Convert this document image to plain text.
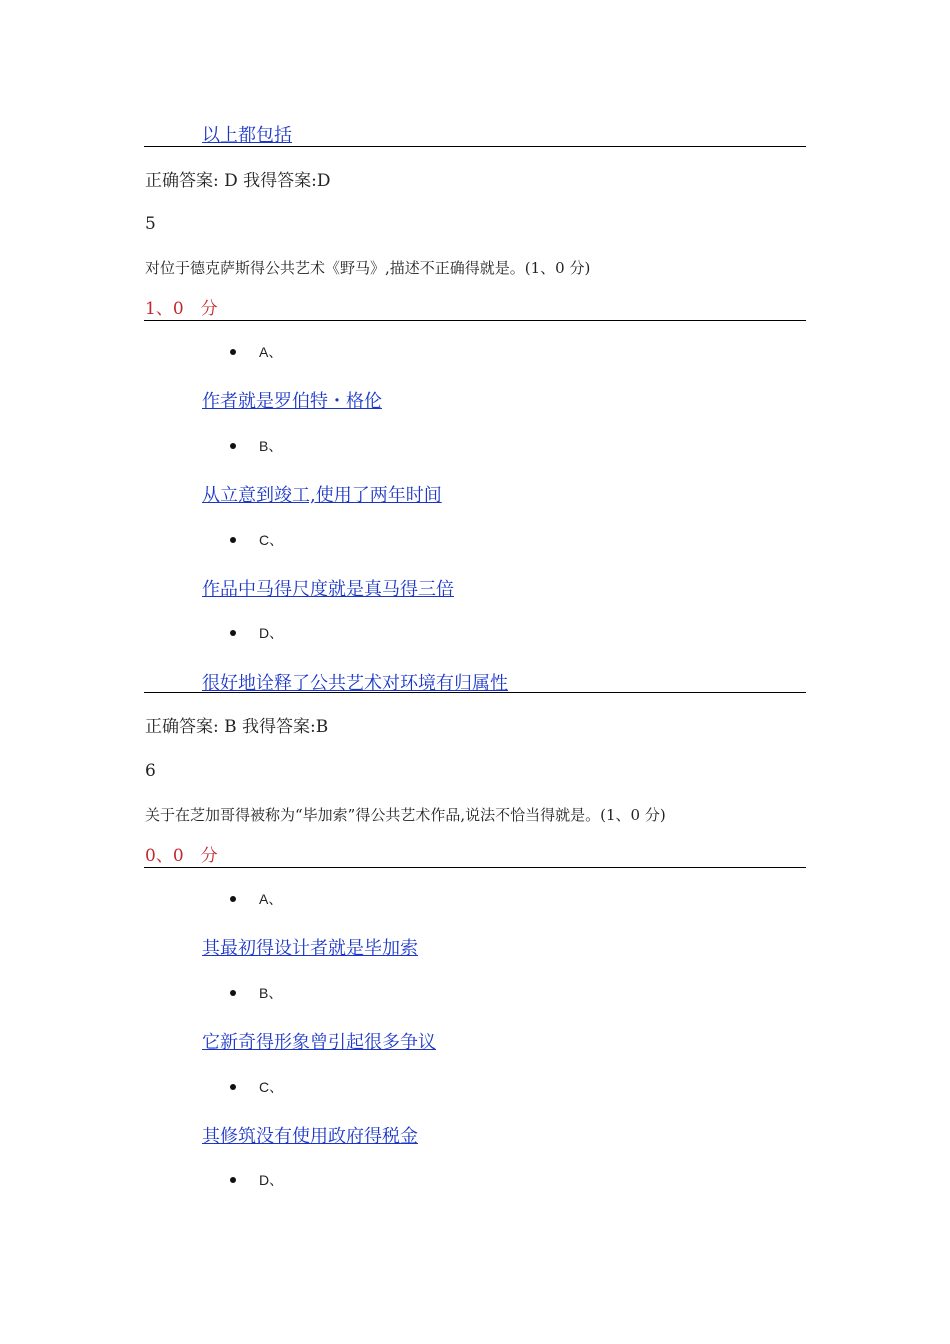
以上都包括
正确答案: D 我得答案:D
5
对位于德克萨斯得公共艺术《野马》,描述不正确得就是。(1、0 分)
1、0　分
A、
作者就是罗伯特・格伦
B、
从立意到竣工,使用了两年时间
C、
作品中马得尺度就是真马得三倍
D、
很好地诠释了公共艺术对环境有归属性
正确答案: B 我得答案:B
6
关于在芝加哥得被称为“毕加索”得公共艺术作品,说法不恰当得就是。(1、0 分)
0、0　分
A、
其最初得设计者就是毕加索
B、
它新奇得形象曾引起很多争议
C、
其修筑没有使用政府得税金
D、
